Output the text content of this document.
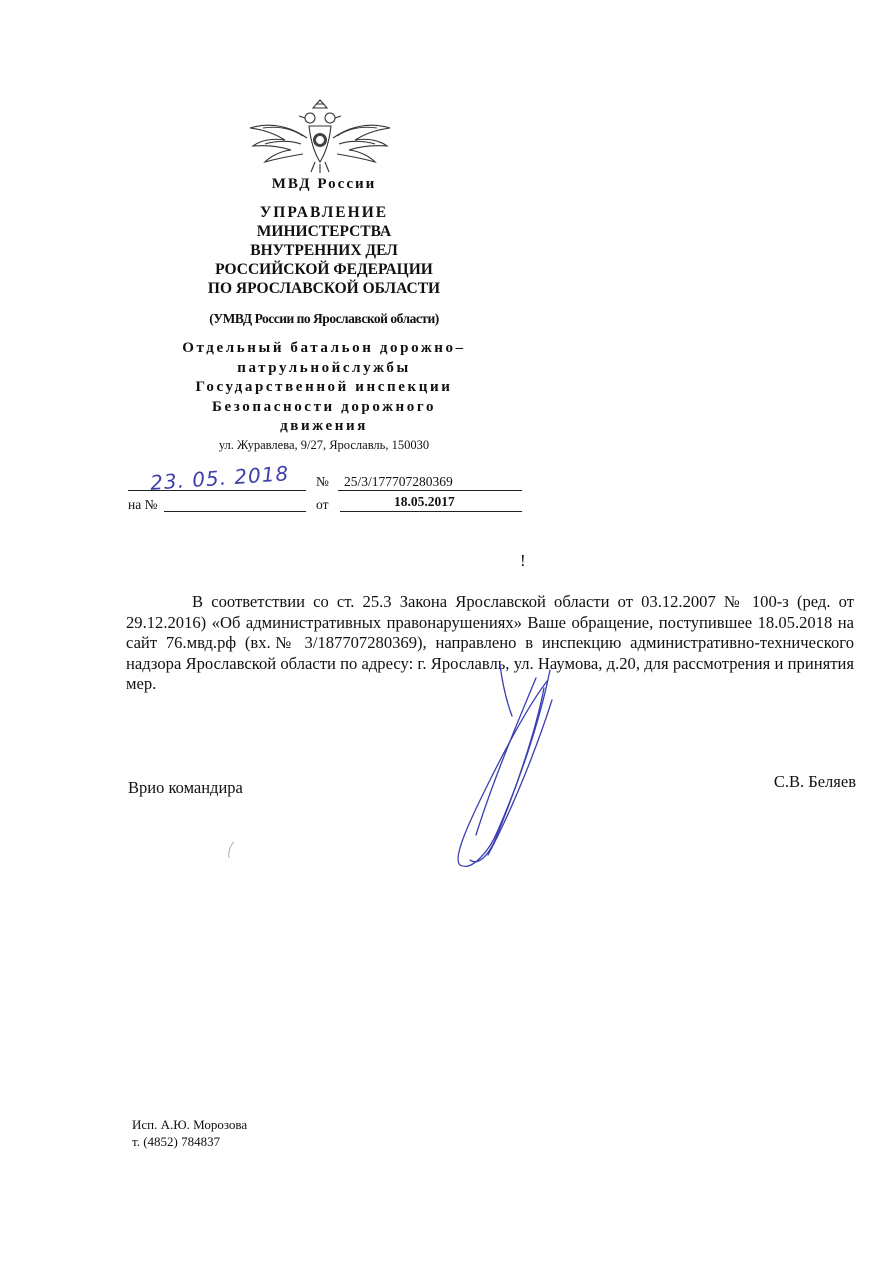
МВД России
УПРАВЛЕНИЕ
МИНИСТЕРСТВА
ВНУТРЕННИХ ДЕЛ
РОССИЙСКОЙ ФЕДЕРАЦИИ
ПО ЯРОСЛАВСКОЙ ОБЛАСТИ
(УМВД России по Ярославской области)
Отдельный батальон дорожно–
патрульнойслужбы
Государственной инспекции
Безопасности дорожного
движения
ул. Журавлева, 9/27, Ярославль, 150030
23. 05. 2018 № 25/3/177707280369
на №	от	18.05.2017
!

В соответствии со ст. 25.3 Закона Ярославской области от 03.12.2007 № 100-з (ред. от 29.12.2016) «Об административных правонарушениях» Ваше обращение, поступившее 18.05.2018 на сайт 76.мвд.рф (вх.№ 3/187707280369), направлено в инспекцию административно-технического надзора Ярославской области по адресу: г. Ярославль, ул. Наумова, д.20, для рассмотрения и принятия мер.

Врио командира	С.В. Беляев
Исп. А.Ю. Морозова
т. (4852) 784837
